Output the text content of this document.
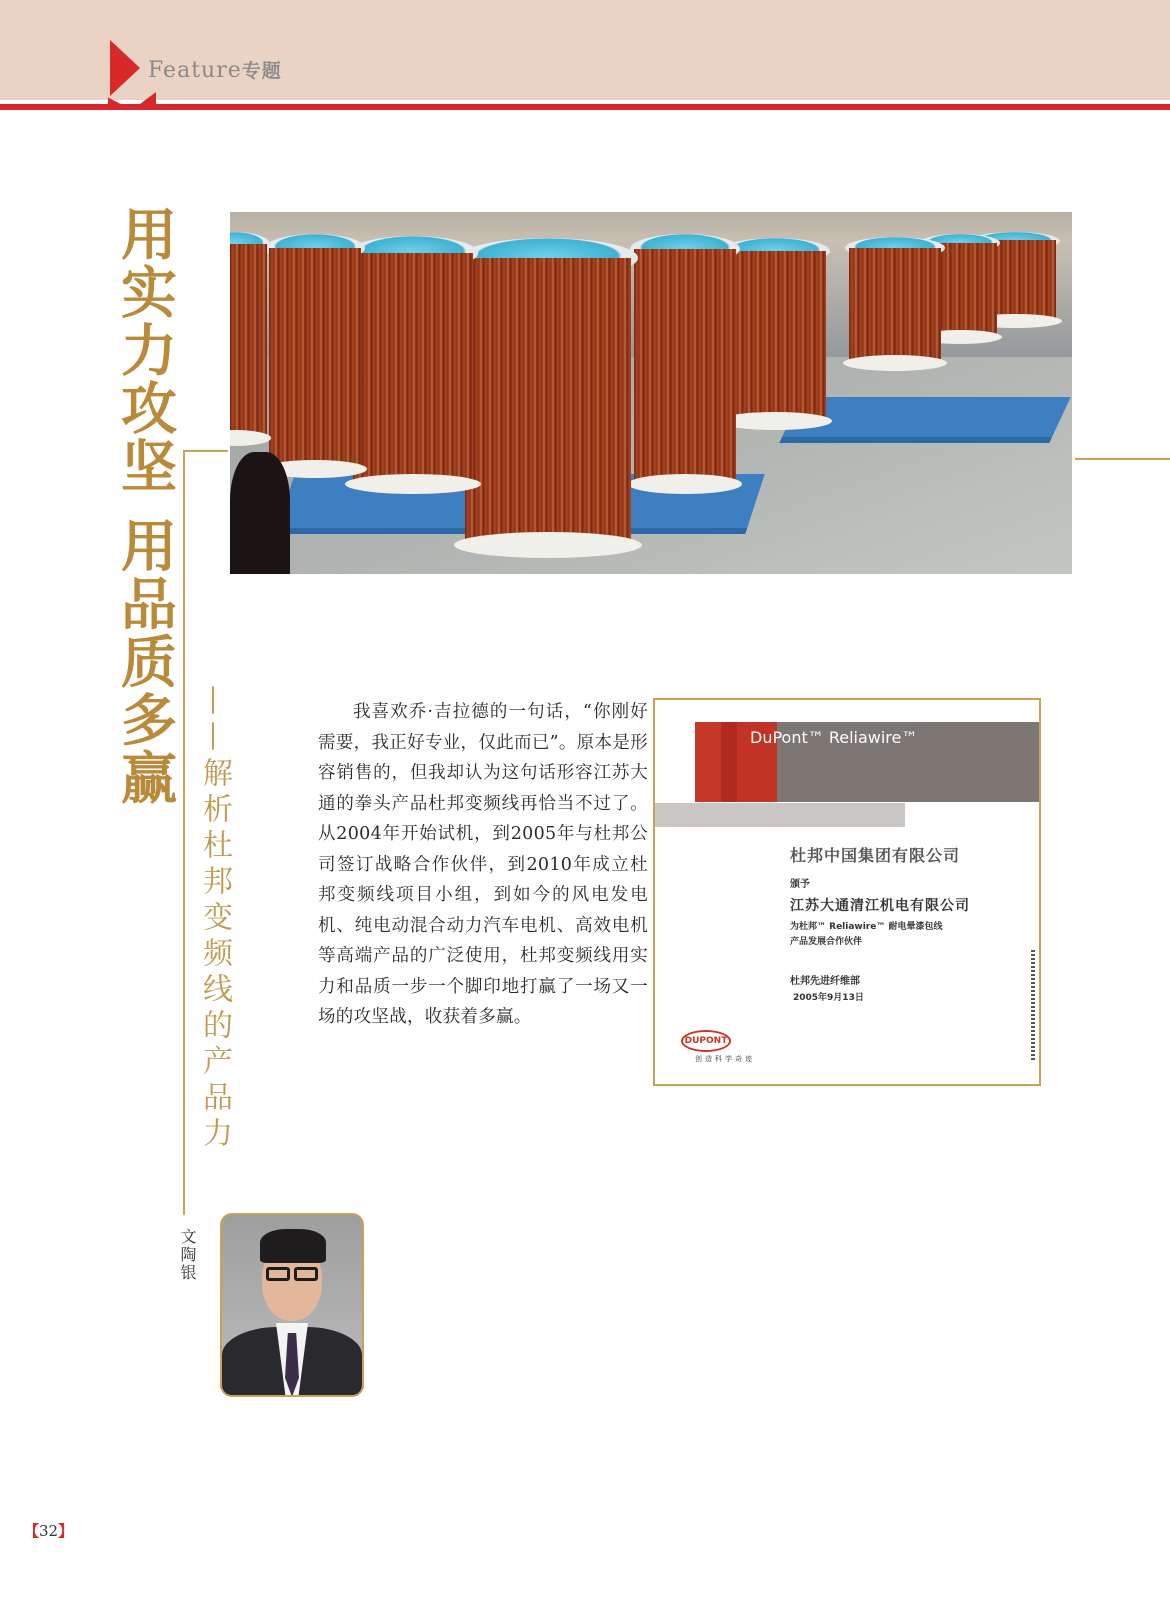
Feature专题
用实力攻坚 用品质多赢 ——解析杜邦变频线的产品力
文陶银
我喜欢乔·吉拉德的一句话，“你刚好需要，我正好专业，仅此而已”。原本是形容销售的，但我却认为这句话形容江苏大通的拳头产品杜邦变频线再恰当不过了。从2004年开始试机，到2005年与杜邦公司签订战略合作伙伴，到2010年成立杜邦变频线项目小组，到如今的风电发电机、纯电动混合动力汽车电机、高效电机等高端产品的广泛使用，杜邦变频线用实力和品质一步一个脚印地打赢了一场又一场的攻坚战，收获着多赢。
DuPont™ Reliawire™
杜邦中国集团有限公司
颁予
江苏大通清江机电有限公司
为杜邦™ Reliawire™ 耐电晕漆包线
产品发展合作伙伴
杜邦先进纤维部
2005年9月13日
DUPONT
创造科学奇迹
【32】
